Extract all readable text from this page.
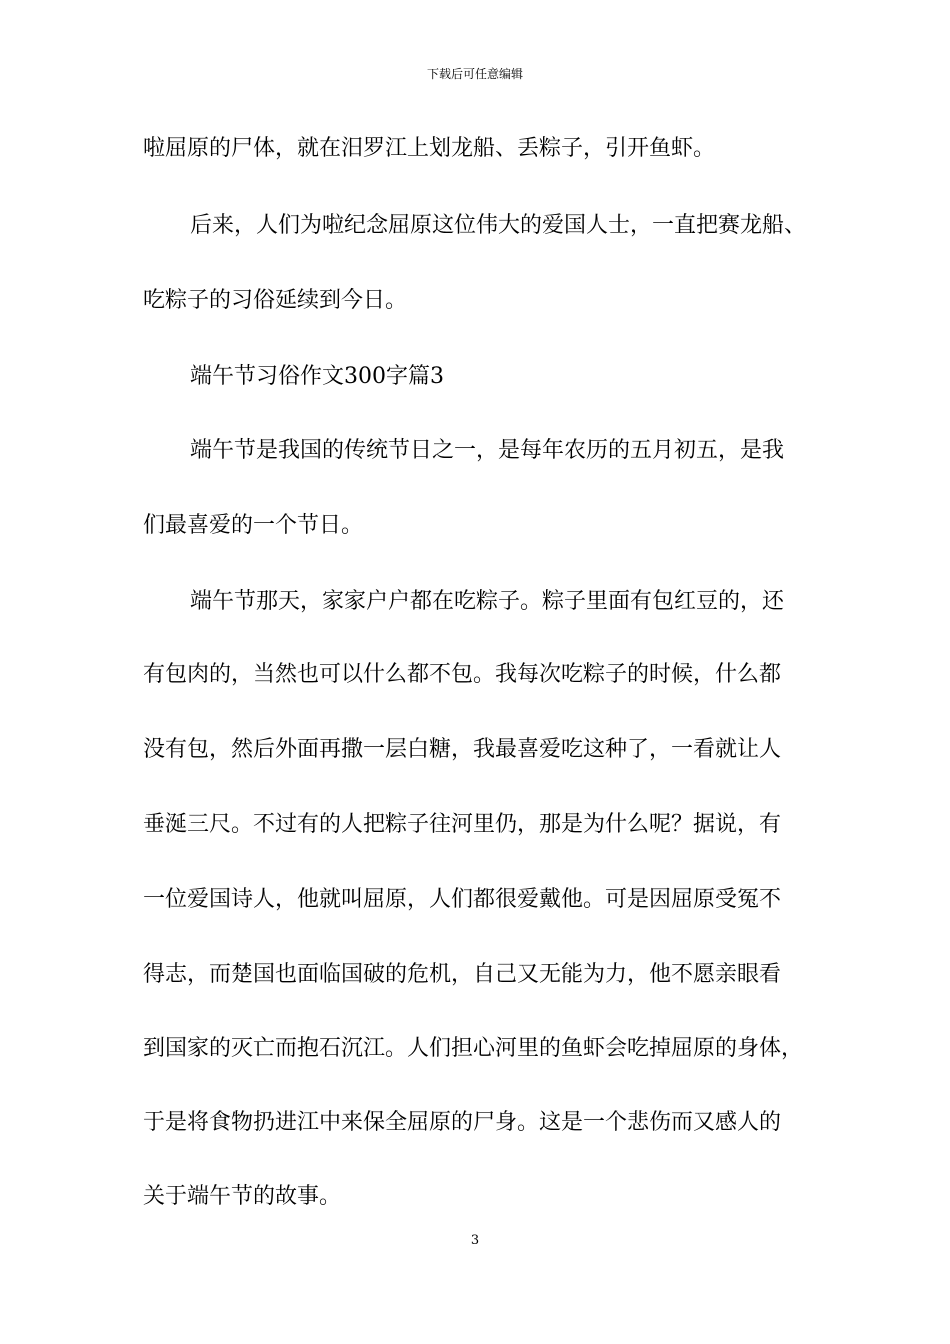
下载后可任意编辑
啦屈原的尸体，就在汨罗江上划龙船、丢粽子，引开鱼虾。
后来，人们为啦纪念屈原这位伟大的爱国人士，一直把赛龙船、
吃粽子的习俗延续到今日。
端午节习俗作文300字篇3
端午节是我国的传统节日之一，是每年农历的五月初五，是我
们最喜爱的一个节日。
端午节那天，家家户户都在吃粽子。粽子里面有包红豆的，还
有包肉的，当然也可以什么都不包。我每次吃粽子的时候，什么都
没有包，然后外面再撒一层白糖，我最喜爱吃这种了，一看就让人
垂涎三尺。不过有的人把粽子往河里仍，那是为什么呢？据说，有
一位爱国诗人，他就叫屈原，人们都很爱戴他。可是因屈原受冤不
得志，而楚国也面临国破的危机，自己又无能为力，他不愿亲眼看
到国家的灭亡而抱石沉江。人们担心河里的鱼虾会吃掉屈原的身体，
于是将食物扔进江中来保全屈原的尸身。这是一个悲伤而又感人的
关于端午节的故事。
3
